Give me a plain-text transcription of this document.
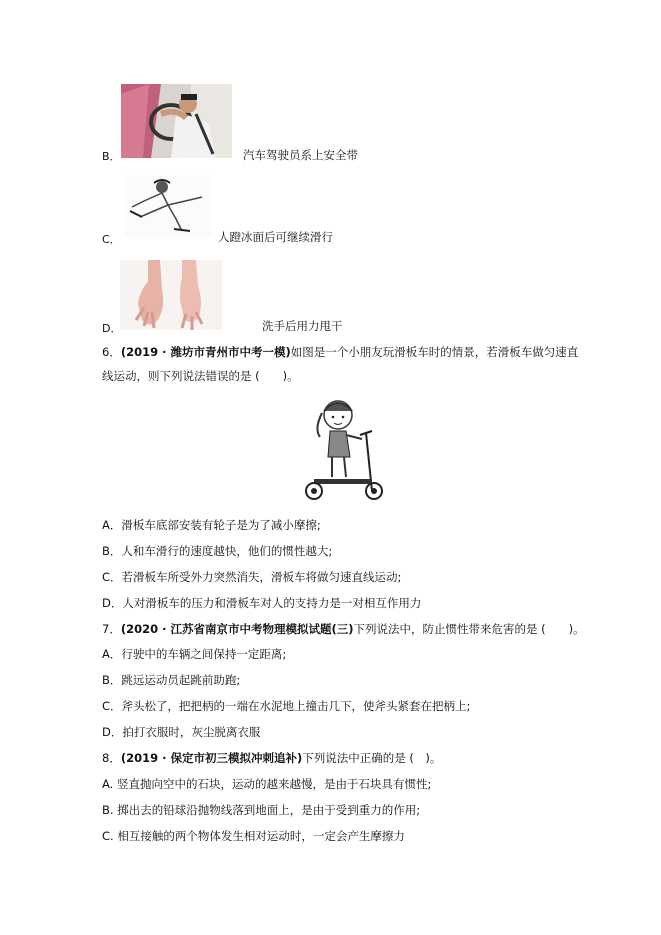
B．	汽车驾驶员系上安全带
C．	人蹬冰面后可继续滑行
D．	洗手后用力甩干
6．(2019 · 潍坊市青州市中考一模)如图是一个小朋友玩滑板车时的情景，若滑板车做匀速直
线运动，则下列说法错误的是 (　　)。
A．滑板车底部安装有轮子是为了减小摩擦;
B．人和车滑行的速度越快，他们的惯性越大;
C．若滑板车所受外力突然消失，滑板车将做匀速直线运动;
D．人对滑板车的压力和滑板车对人的支持力是一对相互作用力
7．(2020 · 江苏省南京市中考物理模拟试题(三)下列说法中，防止惯性带来危害的是 (　　)。
A．行驶中的车辆之间保持一定距离;
B．跳远运动员起跳前助跑;
C．斧头松了，把把柄的一端在水泥地上撞击几下，使斧头紧套在把柄上;
D．拍打衣服时，灰尘脱离衣服
8．(2019 · 保定市初三模拟冲刺追补)下列说法中正确的是 (　)。
A. 竖直抛向空中的石块，运动的越来越慢，是由于石块具有惯性;
B. 掷出去的铅球沿抛物线落到地面上，是由于受到重力的作用;
C. 相互接触的两个物体发生相对运动时，一定会产生摩擦力
